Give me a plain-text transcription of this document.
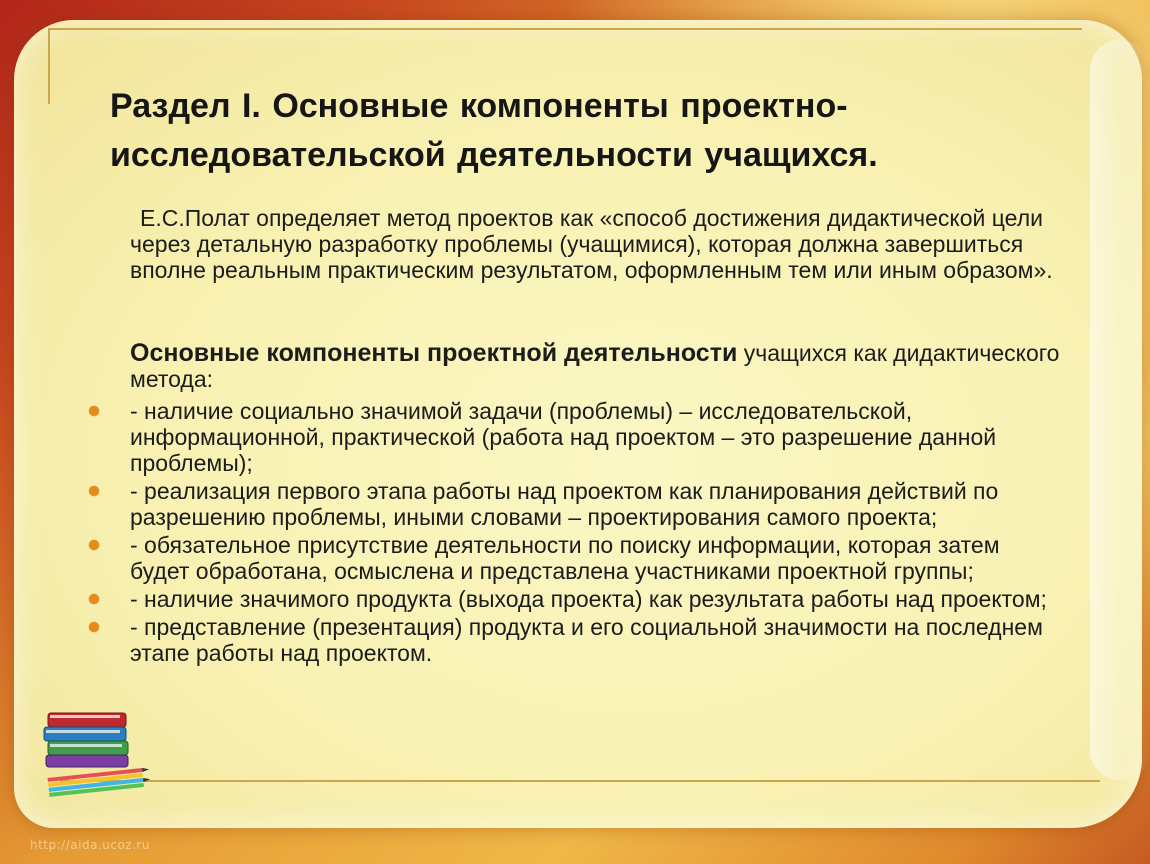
Раздел I. Основные компоненты проектно-исследовательской деятельности учащихся.

Е.С.Полат определяет метод проектов как «способ достижения дидактической цели через детальную разработку проблемы (учащимися), которая должна завершиться вполне реальным практическим результатом, оформленным тем или иным образом».

Основные компоненты проектной деятельности учащихся как дидактического метода:
- наличие социально значимой задачи (проблемы) – исследовательской, информационной, практической (работа над проектом – это разрешение данной проблемы);
- реализация первого этапа работы над проектом как планирования действий по разрешению проблемы, иными словами – проектирования самого проекта;
- обязательное присутствие деятельности по поиску информации, которая затем будет обработана, осмыслена и представлена участниками проектной группы;
- наличие значимого продукта (выхода проекта) как результата работы над проектом;
- представление (презентация) продукта и его социальной значимости на последнем этапе работы над проектом.
http://aida.ucoz.ru
